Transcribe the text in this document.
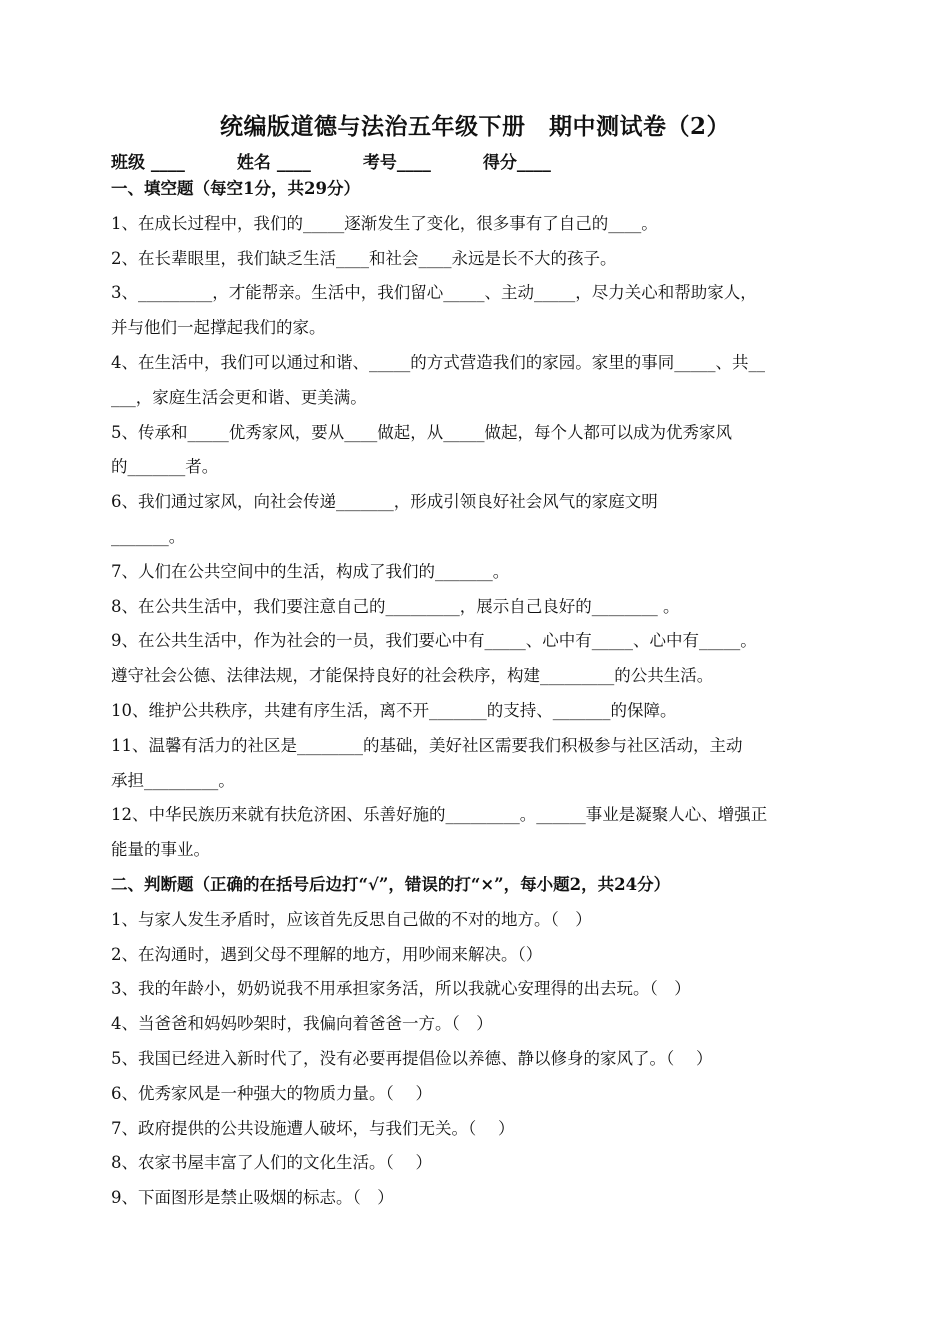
统编版道德与法治五年级下册　期中测试卷（2）
班级 ____	姓名 ____	考号____	得分____
一、填空题（每空1分，共29分）
1、在成长过程中，我们的_____逐渐发生了变化，很多事有了自己的____。
2、在长辈眼里，我们缺乏生活____和社会____永远是长不大的孩子。
3、_________，才能帮亲。生活中，我们留心_____、主动_____，尽力关心和帮助家人，
并与他们一起撑起我们的家。
4、在生活中，我们可以通过和谐、_____的方式营造我们的家园。家里的事同_____、共__
___，家庭生活会更和谐、更美满。
5、传承和_____优秀家风，要从____做起，从_____做起，每个人都可以成为优秀家风
的_______者。
6、我们通过家风，向社会传递_______，形成引领良好社会风气的家庭文明
_______。
7、人们在公共空间中的生活，构成了我们的_______。
8、在公共生活中，我们要注意自己的_________，展示自己良好的________ 。
9、在公共生活中，作为社会的一员，我们要心中有_____、心中有_____、心中有_____。
遵守社会公德、法律法规，才能保持良好的社会秩序，构建_________的公共生活。
10、维护公共秩序，共建有序生活，离不开_______的支持、_______的保障。
11、温馨有活力的社区是________的基础，美好社区需要我们积极参与社区活动，主动
承担_________。
12、中华民族历来就有扶危济困、乐善好施的_________。______事业是凝聚人心、增强正
能量的事业。
二、判断题（正确的在括号后边打“√”，错误的打“×”，每小题2，共24分）
1、与家人发生矛盾时，应该首先反思自己做的不对的地方。（　）
2、在沟通时，遇到父母不理解的地方，用吵闹来解决。（）
3、我的年龄小，奶奶说我不用承担家务活，所以我就心安理得的出去玩。（　）
4、当爸爸和妈妈吵架时，我偏向着爸爸一方。（　）
5、我国已经进入新时代了，没有必要再提倡俭以养德、静以修身的家风了。（　 ）
6、优秀家风是一种强大的物质力量。（　 ）
7、政府提供的公共设施遭人破坏，与我们无关。（　 ）
8、农家书屋丰富了人们的文化生活。（　 ）
9、下面图形是禁止吸烟的标志。（　）
